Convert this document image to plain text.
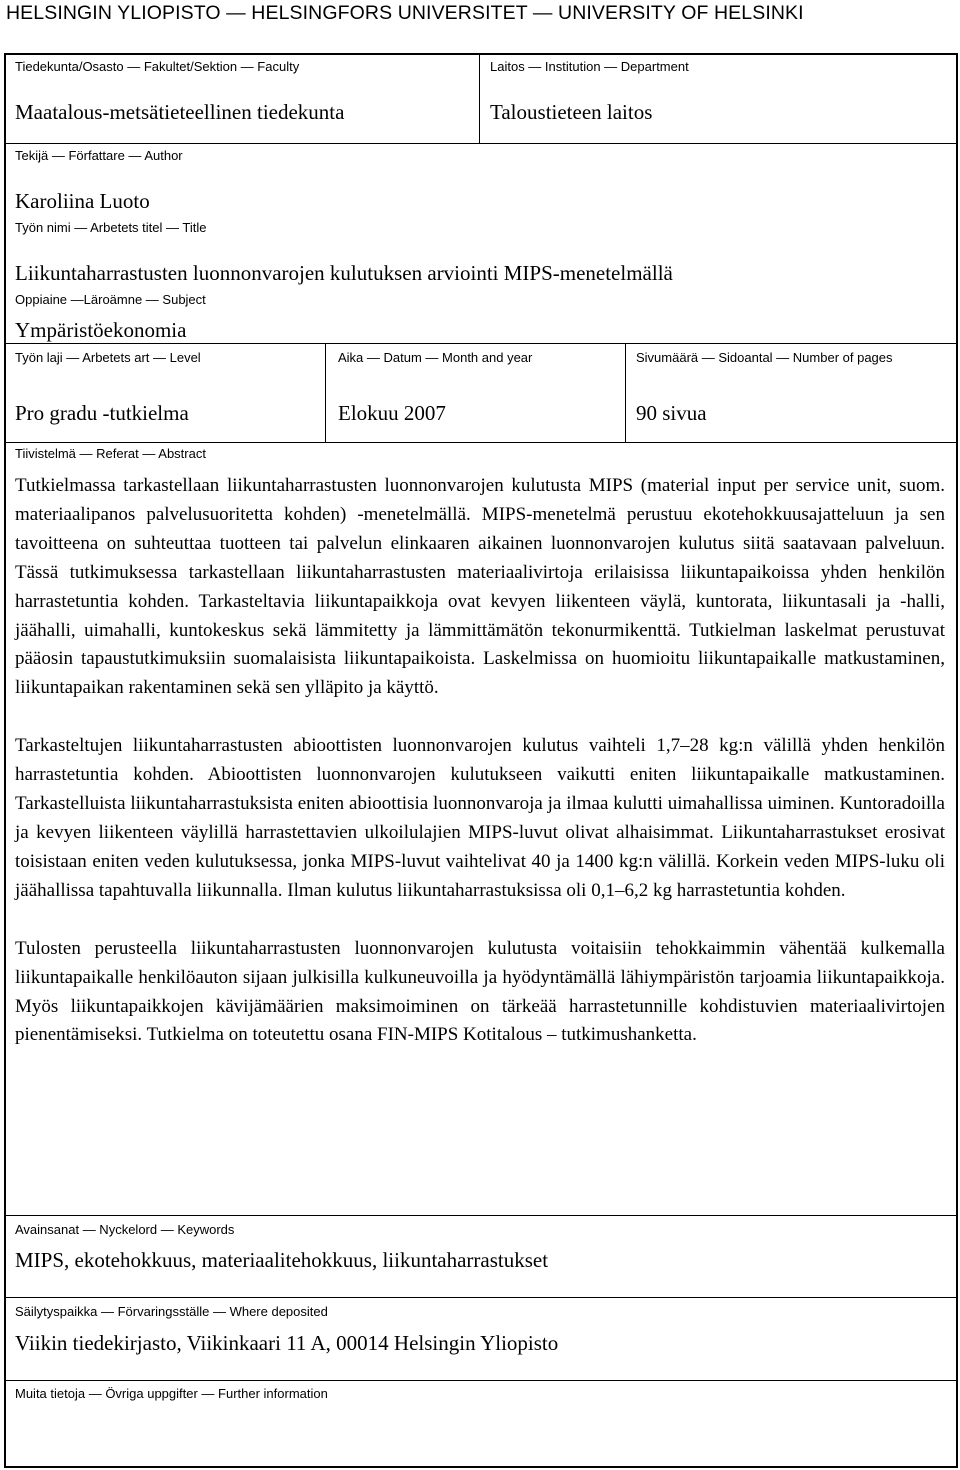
HELSINGIN YLIOPISTO — HELSINGFORS UNIVERSITET — UNIVERSITY OF HELSINKI
Tiedekunta/Osasto — Fakultet/Sektion — Faculty
Maatalous-metsätieteellinen tiedekunta
Laitos — Institution — Department
Taloustieteen laitos
Tekijä — Författare — Author
Karoliina Luoto
Työn nimi — Arbetets titel — Title
Liikuntaharrastusten luonnonvarojen kulutuksen arviointi MIPS-menetelmällä
Oppiaine —Läroämne — Subject
Ympäristöekonomia
Työn laji — Arbetets art — Level
Pro gradu -tutkielma
Aika — Datum — Month and year
Elokuu 2007
Sivumäärä — Sidoantal — Number of pages
90 sivua
Tiivistelmä — Referat — Abstract

Tutkielmassa tarkastellaan liikuntaharrastusten luonnonvarojen kulutusta MIPS (material input per service unit, suom. materiaalipanos palvelusuoritetta kohden) -menetelmällä. MIPS-menetelmä perustuu ekotehokkuusajatteluun ja sen tavoitteena on suhteuttaa tuotteen tai palvelun elinkaaren aikainen luonnonvarojen kulutus siitä saatavaan palveluun. Tässä tutkimuksessa tarkastellaan liikuntaharrastusten materiaalivirtoja erilaisissa liikuntapaikoissa yhden henkilön harrastetuntia kohden. Tarkasteltavia liikuntapaikkoja ovat kevyen liikenteen väylä, kuntorata, liikuntasali ja -halli, jäähalli, uimahalli, kuntokeskus sekä lämmitetty ja lämmittämätön tekonurmikenttä. Tutkielman laskelmat perustuvat pääosin tapaustutkimuksiin suomalaisista liikuntapaikoista. Laskelmissa on huomioitu liikuntapaikalle matkustaminen, liikuntapaikan rakentaminen sekä sen ylläpito ja käyttö.

Tarkasteltujen liikuntaharrastusten abioottisten luonnonvarojen kulutus vaihteli 1,7–28 kg:n välillä yhden henkilön harrastetuntia kohden. Abioottisten luonnonvarojen kulutukseen vaikutti eniten liikuntapaikalle matkustaminen. Tarkastelluista liikuntaharrastuksista eniten abioottisia luonnonvaroja ja ilmaa kulutti uimahallissa uiminen. Kuntoradoilla ja kevyen liikenteen väylillä harrastettavien ulkoilulajien MIPS-luvut olivat alhaisimmat. Liikuntaharrastukset erosivat toisistaan eniten veden kulutuksessa, jonka MIPS-luvut vaihtelivat 40 ja 1400 kg:n välillä. Korkein veden MIPS-luku oli jäähallissa tapahtuvalla liikunnalla. Ilman kulutus liikuntaharrastuksissa oli 0,1–6,2 kg harrastetuntia kohden.

Tulosten perusteella liikuntaharrastusten luonnonvarojen kulutusta voitaisiin tehokkaimmin vähentää kulkemalla liikuntapaikalle henkilöauton sijaan julkisilla kulkuneuvoilla ja hyödyntämällä lähiympäristön tarjoamia liikuntapaikkoja. Myös liikuntapaikkojen kävijämäärien maksimoiminen on tärkeää harrastetunnille kohdistuvien materiaalivirtojen pienentämiseksi. Tutkielma on toteutettu osana FIN-MIPS Kotitalous – tutkimushanketta.

Avainsanat — Nyckelord — Keywords
MIPS, ekotehokkuus, materiaalitehokkuus, liikuntaharrastukset
Säilytyspaikka — Förvaringsställe — Where deposited
Viikin tiedekirjasto, Viikinkaari 11 A, 00014 Helsingin Yliopisto
Muita tietoja — Övriga uppgifter — Further information
